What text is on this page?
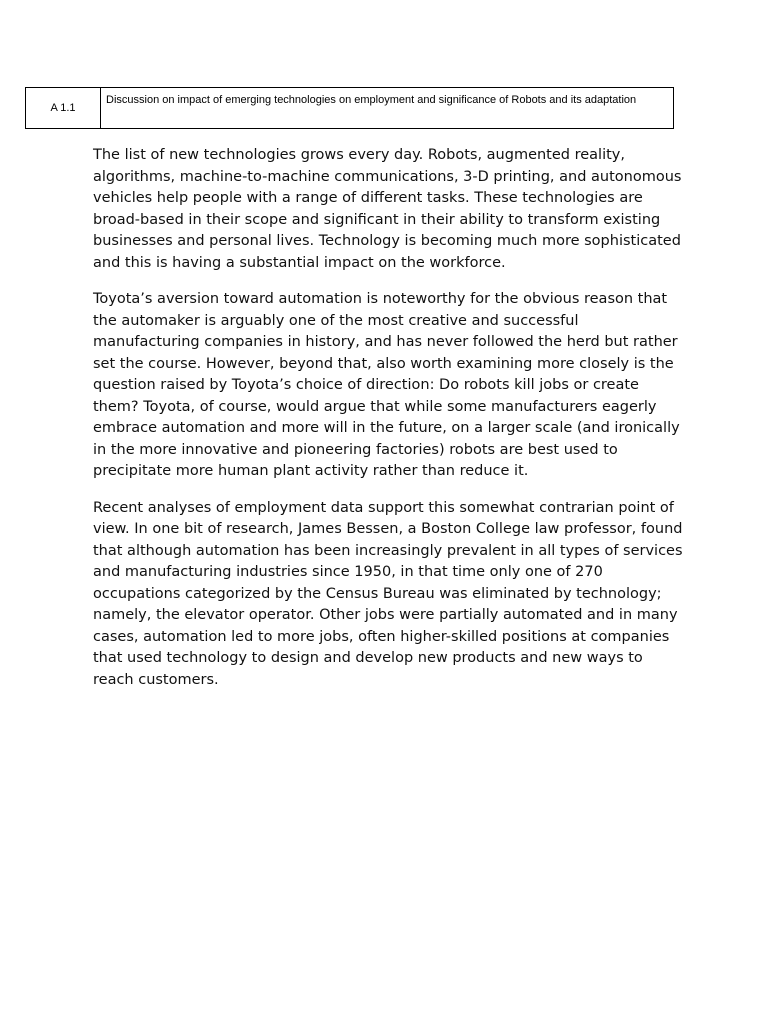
A 1.1
Discussion on impact of emerging technologies on employment and significance of Robots and its adaptation

The list of new technologies grows every day. Robots, augmented reality, algorithms, machine-to-machine communications, 3-D printing, and autonomous vehicles help people with a range of different tasks. These technologies are broad-based in their scope and significant in their ability to transform existing businesses and personal lives. Technology is becoming much more sophisticated and this is having a substantial impact on the workforce.

Toyota’s aversion toward automation is noteworthy for the obvious reason that the automaker is arguably one of the most creative and successful manufacturing companies in history, and has never followed the herd but rather set the course. However, beyond that, also worth examining more closely is the question raised by Toyota’s choice of direction: Do robots kill jobs or create them? Toyota, of course, would argue that while some manufacturers eagerly embrace automation and more will in the future, on a larger scale (and ironically in the more innovative and pioneering factories) robots are best used to precipitate more human plant activity rather than reduce it.

Recent analyses of employment data support this somewhat contrarian point of view. In one bit of research, James Bessen, a Boston College law professor, found that although automation has been increasingly prevalent in all types of services and manufacturing industries since 1950, in that time only one of 270 occupations categorized by the Census Bureau was eliminated by technology; namely, the elevator operator. Other jobs were partially automated and in many cases, automation led to more jobs, often higher-skilled positions at companies that used technology to design and develop new products and new ways to reach customers.
